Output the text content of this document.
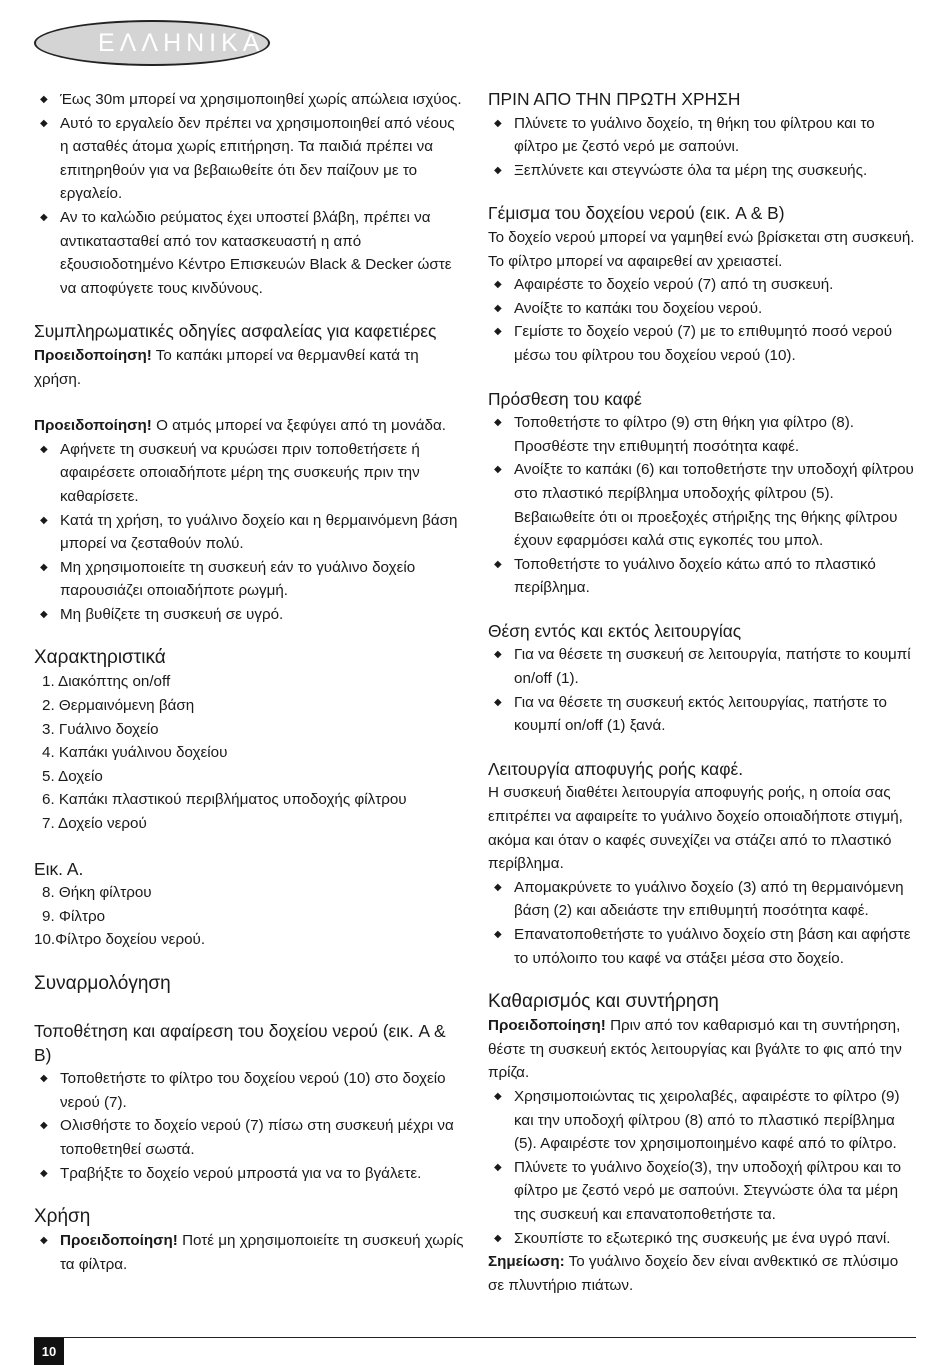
ΕΛΛΗΝΙΚΑ
◆ Έως 30m μπορεί να χρησιμοποιηθεί χωρίς απώλεια ισχύος.
◆ Αυτό το εργαλείο δεν πρέπει να χρησιμοποιηθεί από νέους η ασταθές άτομα χωρίς επιτήρηση. Τα παιδιά πρέπει να επιτηρηθούν για να βεβαιωθείτε ότι δεν παίζουν με το εργαλείο.
◆ Αν το καλώδιο ρεύματος έχει υποστεί βλάβη, πρέπει να αντικατασταθεί από τον κατασκευαστή η από εξουσιοδοτημένο Κέντρο Επισκευών Black & Decker ώστε να αποφύγετε τους κινδύνους.
Συμπληρωματικές οδηγίες ασφαλείας για καφετιέρες

Προειδοποίηση! Το καπάκι μπορεί να θερμανθεί κατά τη χρήση.

Προειδοποίηση! Ο ατμός μπορεί να ξεφύγει από τη μονάδα.

◆ Αφήνετε τη συσκευή να κρυώσει πριν τοποθετήσετε ή αφαιρέσετε οποιαδήποτε μέρη της συσκευής πριν την καθαρίσετε.
◆ Κατά τη χρήση, το γυάλινο δοχείο και η θερμαινόμενη βάση μπορεί να ζεσταθούν πολύ.
◆ Μη χρησιμοποιείτε τη συσκευή εάν το γυάλινο δοχείο παρουσιάζει οποιαδήποτε ρωγμή.
◆ Μη βυθίζετε τη συσκευή σε υγρό.
Χαρακτηριστικά
1. Διακόπτης on/off
2. Θερμαινόμενη βάση
3. Γυάλινο δοχείο
4. Καπάκι γυάλινου δοχείου
5. Δοχείο
6. Καπάκι πλαστικού περιβλήματος υποδοχής φίλτρου
7. Δοχείο νερού
Εικ. Α.
8. Θήκη φίλτρου
9. Φίλτρο

10.Φίλτρο δοχείου νερού.

Συναρμολόγηση
Τοποθέτηση και αφαίρεση του δοχείου νερού (εικ. A & B)
◆ Τοποθετήστε το φίλτρο του δοχείου νερού (10) στο δοχείο νερού (7).
◆ Ολισθήστε το δοχείο νερού (7) πίσω στη συσκευή μέχρι να τοποθετηθεί σωστά.
◆ Τραβήξτε το δοχείο νερού μπροστά για να το βγάλετε.
Χρήση
◆ Προειδοποίηση! Ποτέ μη χρησιμοποιείτε τη συσκευή χωρίς τα φίλτρα.
ΠΡΙΝ ΑΠΟ ΤΗΝ ΠΡΩΤΗ ΧΡΗΣΗ
◆ Πλύνετε το γυάλινο δοχείο, τη θήκη του φίλτρου και το φίλτρο με ζεστό νερό με σαπούνι.
◆ Ξεπλύνετε και στεγνώστε όλα τα μέρη της συσκευής.
Γέμισμα του δοχείου νερού (εικ. A & B)

Το δοχείο νερού μπορεί να γαμηθεί ενώ βρίσκεται στη συσκευή. Το φίλτρο μπορεί να αφαιρεθεί αν χρειαστεί.

◆ Αφαιρέστε το δοχείο νερού (7) από τη συσκευή.
◆ Ανοίξτε το καπάκι του δοχείου νερού.
◆ Γεμίστε το δοχείο νερού (7) με το επιθυμητό ποσό νερού μέσω του φίλτρου του δοχείου νερού (10).
Πρόσθεση του καφέ
◆ Τοποθετήστε το φίλτρο (9) στη θήκη για φίλτρο (8). Προσθέστε την επιθυμητή ποσότητα καφέ.
◆ Ανοίξτε το καπάκι (6) και τοποθετήστε την υποδοχή φίλτρου στο πλαστικό περίβλημα υποδοχής φίλτρου (5). Βεβαιωθείτε ότι οι προεξοχές στήριξης της θήκης φίλτρου έχουν εφαρμόσει καλά στις εγκοπές του μπολ.
◆ Τοποθετήστε το γυάλινο δοχείο κάτω από το πλαστικό περίβλημα.
Θέση εντός και εκτός λειτουργίας
◆ Για να θέσετε τη συσκευή σε λειτουργία, πατήστε το κουμπί on/off (1).
◆ Για να θέσετε τη συσκευή εκτός λειτουργίας, πατήστε το κουμπί on/off (1) ξανά.
Λειτουργία αποφυγής ροής καφέ.

Η συσκευή διαθέτει λειτουργία αποφυγής ροής, η οποία σας επιτρέπει να αφαιρείτε το γυάλινο δοχείο οποιαδήποτε στιγμή, ακόμα και όταν ο καφές συνεχίζει να στάζει από το πλαστικό περίβλημα.

◆ Απομακρύνετε το γυάλινο δοχείο (3) από τη θερμαινόμενη βάση (2) και αδειάστε την επιθυμητή ποσότητα καφέ.
◆ Επανατοποθετήστε το γυάλινο δοχείο στη βάση και αφήστε το υπόλοιπο του καφέ να στάξει μέσα στο δοχείο.
Καθαρισμός και συντήρηση

Προειδοποίηση! Πριν από τον καθαρισμό και τη συντήρηση, θέστε τη συσκευή εκτός λειτουργίας και βγάλτε το φις από την πρίζα.

◆ Χρησιμοποιώντας τις χειρολαβές, αφαιρέστε το φίλτρο (9) και την υποδοχή φίλτρου (8) από το πλαστικό περίβλημα (5). Αφαιρέστε τον χρησιμοποιημένο καφέ από το φίλτρο.
◆ Πλύνετε το γυάλινο δοχείο(3), την υποδοχή φίλτρου και το φίλτρο με ζεστό νερό με σαπούνι. Στεγνώστε όλα τα μέρη της συσκευή και επανατοποθετήστε τα.
◆ Σκουπίστε το εξωτερικό της συσκευής με ένα υγρό πανί.

Σημείωση: Το γυάλινο δοχείο δεν είναι ανθεκτικό σε πλύσιμο σε πλυντήριο πιάτων.

10
